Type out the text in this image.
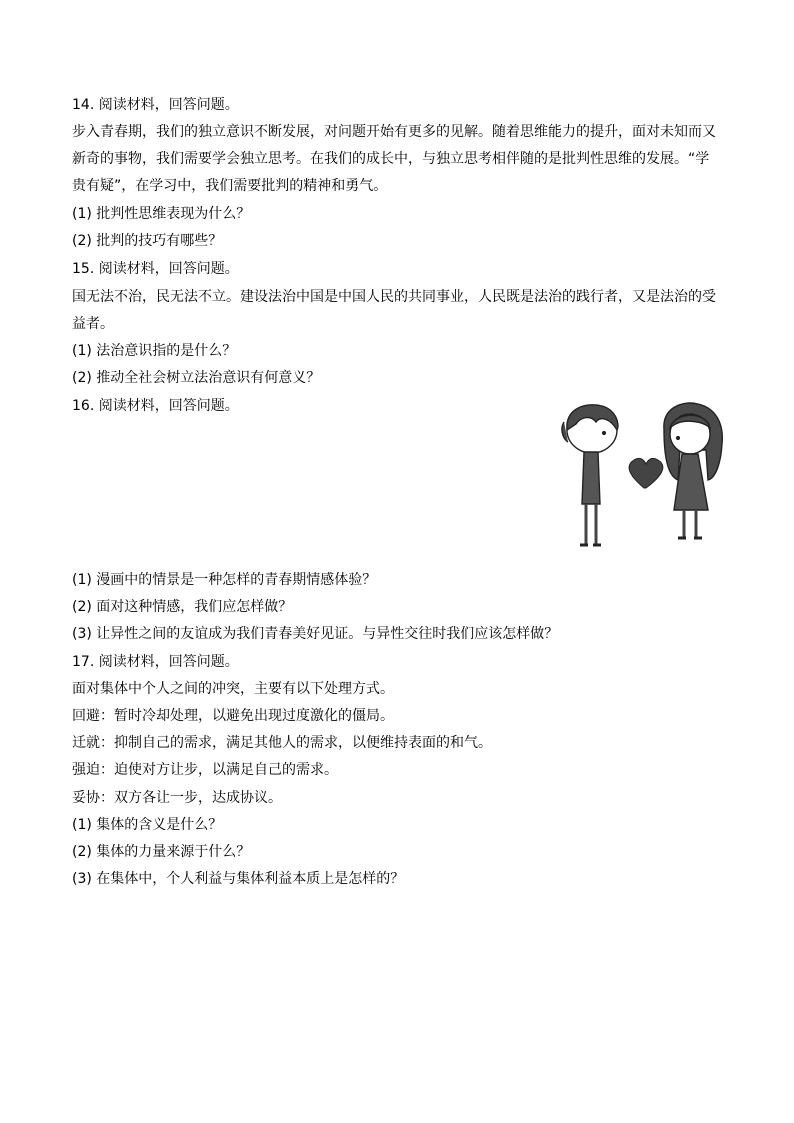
14. 阅读材料，回答问题。
步入青春期，我们的独立意识不断发展，对问题开始有更多的见解。随着思维能力的提升，面对未知而又
新奇的事物，我们需要学会独立思考。在我们的成长中，与独立思考相伴随的是批判性思维的发展。“学
贵有疑”，在学习中，我们需要批判的精神和勇气。
(1) 批判性思维表现为什么？
(2) 批判的技巧有哪些？
15. 阅读材料，回答问题。
国无法不治，民无法不立。建设法治中国是中国人民的共同事业，人民既是法治的践行者，又是法治的受
益者。
(1) 法治意识指的是什么？
(2) 推动全社会树立法治意识有何意义？
16. 阅读材料，回答问题。
(1) 漫画中的情景是一种怎样的青春期情感体验？
(2) 面对这种情感，我们应怎样做？
(3) 让异性之间的友谊成为我们青春美好见证。与异性交往时我们应该怎样做？
17. 阅读材料，回答问题。
面对集体中个人之间的冲突，主要有以下处理方式。
回避：暂时冷却处理，以避免出现过度激化的僵局。
迁就：抑制自己的需求，满足其他人的需求，以便维持表面的和气。
强迫：迫使对方让步，以满足自己的需求。
妥协：双方各让一步，达成协议。
(1) 集体的含义是什么？
(2) 集体的力量来源于什么？
(3) 在集体中，个人利益与集体利益本质上是怎样的？
